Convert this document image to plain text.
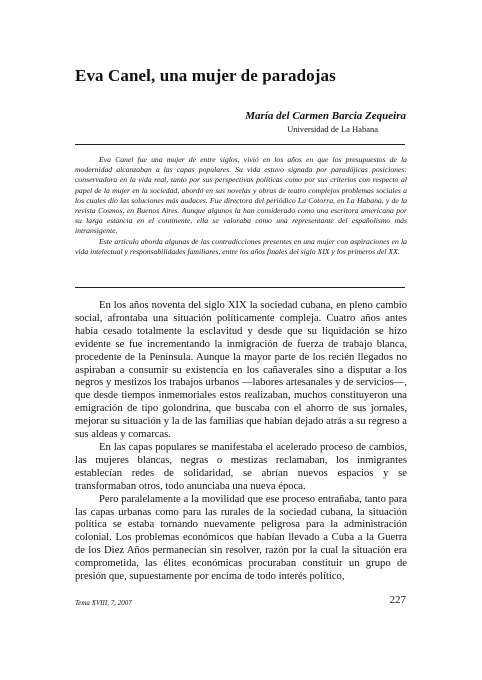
Eva Canel, una mujer de paradojas
María del Carmen Barcia Zequeira
Universidad de La Habana

Eva Canel fue una mujer de entre siglos, vivió en los años en que los presupuestos de la modernidad alcanzaban a las capas populares. Su vida estuvo signada por paradójicas posiciones: conservadora en la vida real, tanto por sus perspectivas políticas como por sus criterios con respecto al papel de la mujer en la sociedad, abordó en sus novelas y obras de teatro complejos problemas sociales a los cuales dio las soluciones más audaces. Fue directora del periódico La Cotorra, en La Habana, y de la revista Cosmos, en Buenos Aires. Aunque algunos la han considerado como una escritora americana por su larga estancia en el continente, ella se valoraba como una representante del españolismo más intransigente.

Este artículo aborda algunas de las contradicciones presentes en una mujer con aspiraciones en la vida intelectual y responsabilidades familiares, entre los años finales del siglo XIX y los primeros del XX.

En los años noventa del siglo XIX la sociedad cubana, en pleno cambio social, afrontaba una situación políticamente compleja. Cuatro años antes había cesado totalmente la esclavitud y desde que su liquidación se hizo evidente se fue incrementando la inmigración de fuerza de trabajo blanca, procedente de la Península. Aunque la mayor parte de los recién llegados no aspiraban a consumir su existencia en los cañaverales sino a disputar a los negros y mestizos los trabajos urbanos —labores artesanales y de servicios—, que desde tiempos inmemoriales estos realizaban, muchos constituyeron una emigración de tipo golondrina, que buscaba con el ahorro de sus jornales, mejorar su situación y la de las familias que habían dejado atrás a su regreso a sus aldeas y comarcas.

En las capas populares se manifestaba el acelerado proceso de cambios, las mujeres blancas, negras o mestizas reclamaban, los inmigrantes establecían redes de solidaridad, se abrían nuevos espacios y se transformaban otros, todo anunciaba una nueva época.

Pero paralelamente a la movilidad que ese proceso entrañaba, tanto para las capas urbanas como para las rurales de la sociedad cubana, la situación política se estaba tornando nuevamente peligrosa para la administración colonial. Los problemas económicos que habían llevado a Cuba a la Guerra de los Diez Años permanecían sin resolver, razón por la cual la situación era comprometida, las élites económicas procuraban constituir un grupo de presión que, supuestamente por encima de todo interés político,

Tema XVIII, 7, 2007	227
